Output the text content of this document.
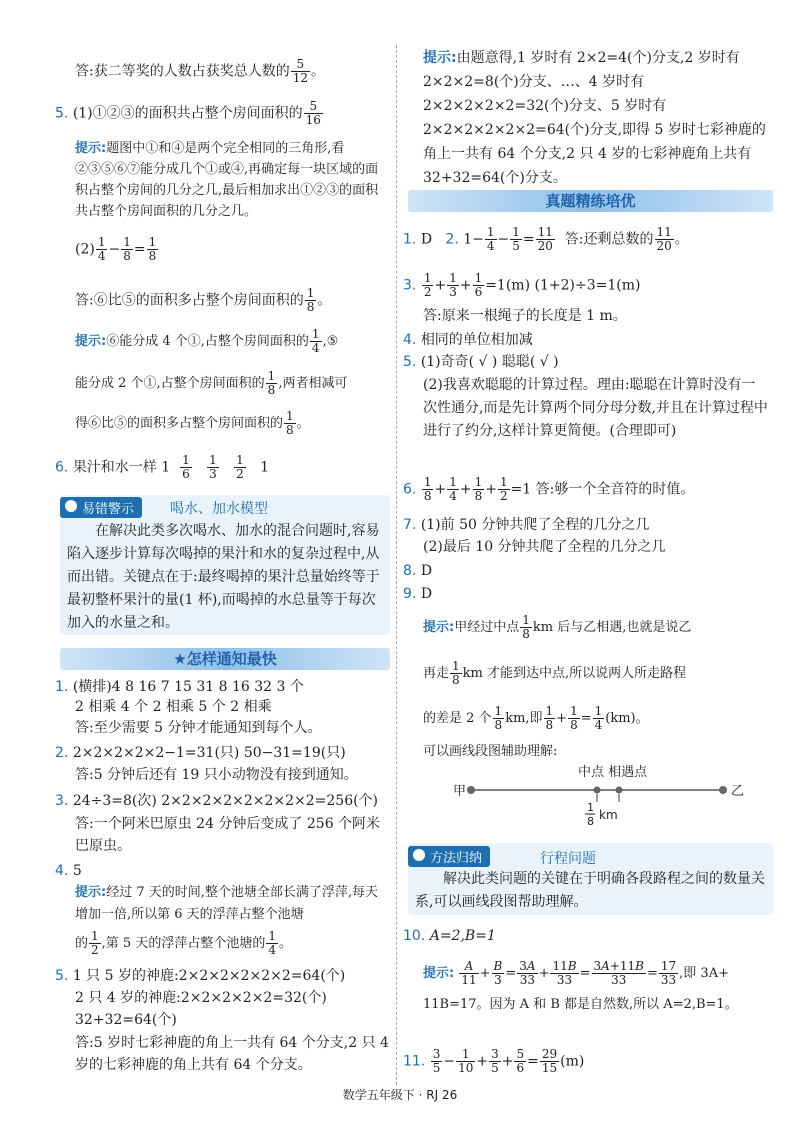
答:获二等奖的人数占获奖总人数的 $\frac{5}{12}$ 。
5. (1)①②③的面积共占整个房间面积的 $\frac{5}{16}$
提示:题图中①和④是两个完全相同的三角形,看②③⑤⑥⑦能分成几个①或④,再确定每一块区域的面积占整个房间的几分之几,最后相加求出①②③的面积共占整个房间面积的几分之几。
$(2) \frac{1}{4} - \frac{1}{8} = \frac{1}{8}$
答:⑥比⑤的面积多占整个房间面积的 $\frac{1}{8}$ 。
提示:⑥能分成 4 个①,占整个房间面积的 $\frac{1}{4}$ ,⑤
能分成 2 个①,占整个房间面积的 $\frac{1}{8}$ ,两者相减可
得⑥比⑤的面积多占整个房间面积的 $\frac{1}{8}$ 。
6. 果汁和水一样 $1 \frac{1}{6}$
$\frac{1}{3}$
$\frac{1}{2} 1$
易错警示	喝水、加水模型
在解决此类多次喝水、加水的混合问题时,容易陷入逐步计算每次喝掉的果汁和水的复杂过程中,从而出错。关键点在于:最终喝掉的果汁总量始终等于最初整杯果汁的量(1 杯),而喝掉的水总量等于每次加入的水量之和。
★怎样通知最快
1. (横排)4 8 16 7 15 31 8 16 32 3 个
2 相乘 4 个 2 相乘 5 个 2 相乘
答:至少需要 5 分钟才能通知到每个人。
2. 2×2×2×2×2−1=31(只) 50−31=19(只)
答:5 分钟后还有 19 只小动物没有接到通知。
3. 24÷3=8(次) 2×2×2×2×2×2×2×2=256(个)
答:一个阿米巴原虫 24 分钟后变成了 256 个阿米巴原虫。
4. 5
提示:经过 7 天的时间,整个池塘全部长满了浮萍,每天增加一倍,所以第 6 天的浮萍占整个池塘
的 $\frac{1}{2}$ ,第 5 天的浮萍占整个池塘的 $\frac{1}{4}$ 。
5. 1 只 5 岁的神鹿:2×2×2×2×2×2=64(个)
2 只 4 岁的神鹿:2×2×2×2×2=32(个)
32+32=64(个)
答:5 岁时七彩神鹿的角上一共有 64 个分支,2 只 4 岁的七彩神鹿的角上共有 64 个分支。
提示:由题意得,1 岁时有 2×2=4(个)分支,2 岁时有 2×2×2=8(个)分支、…、4 岁时有 2×2×2×2×2=32(个)分支、5 岁时有 2×2×2×2×2×2=64(个)分支,即得 5 岁时七彩神鹿的角上一共有 64 个分支,2 只 4 岁的七彩神鹿角上共有 32+32=64(个)分支。
真题精练培优
1. D 2. $1- \frac{1}{4} - \frac{1}{5} = \frac{11}{20}$ 答:还剩总数的 $\frac{11}{20}$ 。
3. $\frac{1}{2} + \frac{1}{3} + \frac{1}{6} =1(m)$ (1+2)÷3=1(m)
答:原来一根绳子的长度是 1 m。
4. 相同的单位相加减
5. (1)奇奇( √ ) 聪聪( √ )
(2)我喜欢聪聪的计算过程。理由:聪聪在计算时没有一次性通分,而是先计算两个同分母分数,并且在计算过程中进行了约分,这样计算更简便。(合理即可)
6. $\frac{1}{8} + \frac{1}{4} + \frac{1}{8} + \frac{1}{2} =1$ 答:够一个全音符的时值。
7. (1)前 50 分钟共爬了全程的几分之几
(2)最后 10 分钟共爬了全程的几分之几
8. D
9. D
提示:甲经过中点 $\frac{1}{8}$ km 后与乙相遇,也就是说乙
再走 $\frac{1}{8}$ km 才能到达中点,所以说两人所走路程
的差是 2 个 $\frac{1}{8}$ km,即 $\frac{1}{8} + \frac{1}{8} = \frac{1}{4} (km)$。
可以画线段图辅助理解:
中点 相遇点
甲	乙
1
8 km
方法归纳	行程问题
解决此类问题的关键在于明确各段路程之间的数量关系,可以画线段图帮助理解。
10. A=2,B=1
提示: $\frac{A}{11} + \frac{B}{3} = \frac{3A}{33} + \frac{11B}{33} = \frac{3A+11B}{33} = \frac{17}{33}$ ,即 3A+
11B=17。因为 A 和 B 都是自然数,所以 A=2,B=1。
11. $\frac{3}{5} - \frac{1}{10} + \frac{3}{5} + \frac{5}{6} = \frac{29}{15} (m)$
数学五年级下 · RJ 26
